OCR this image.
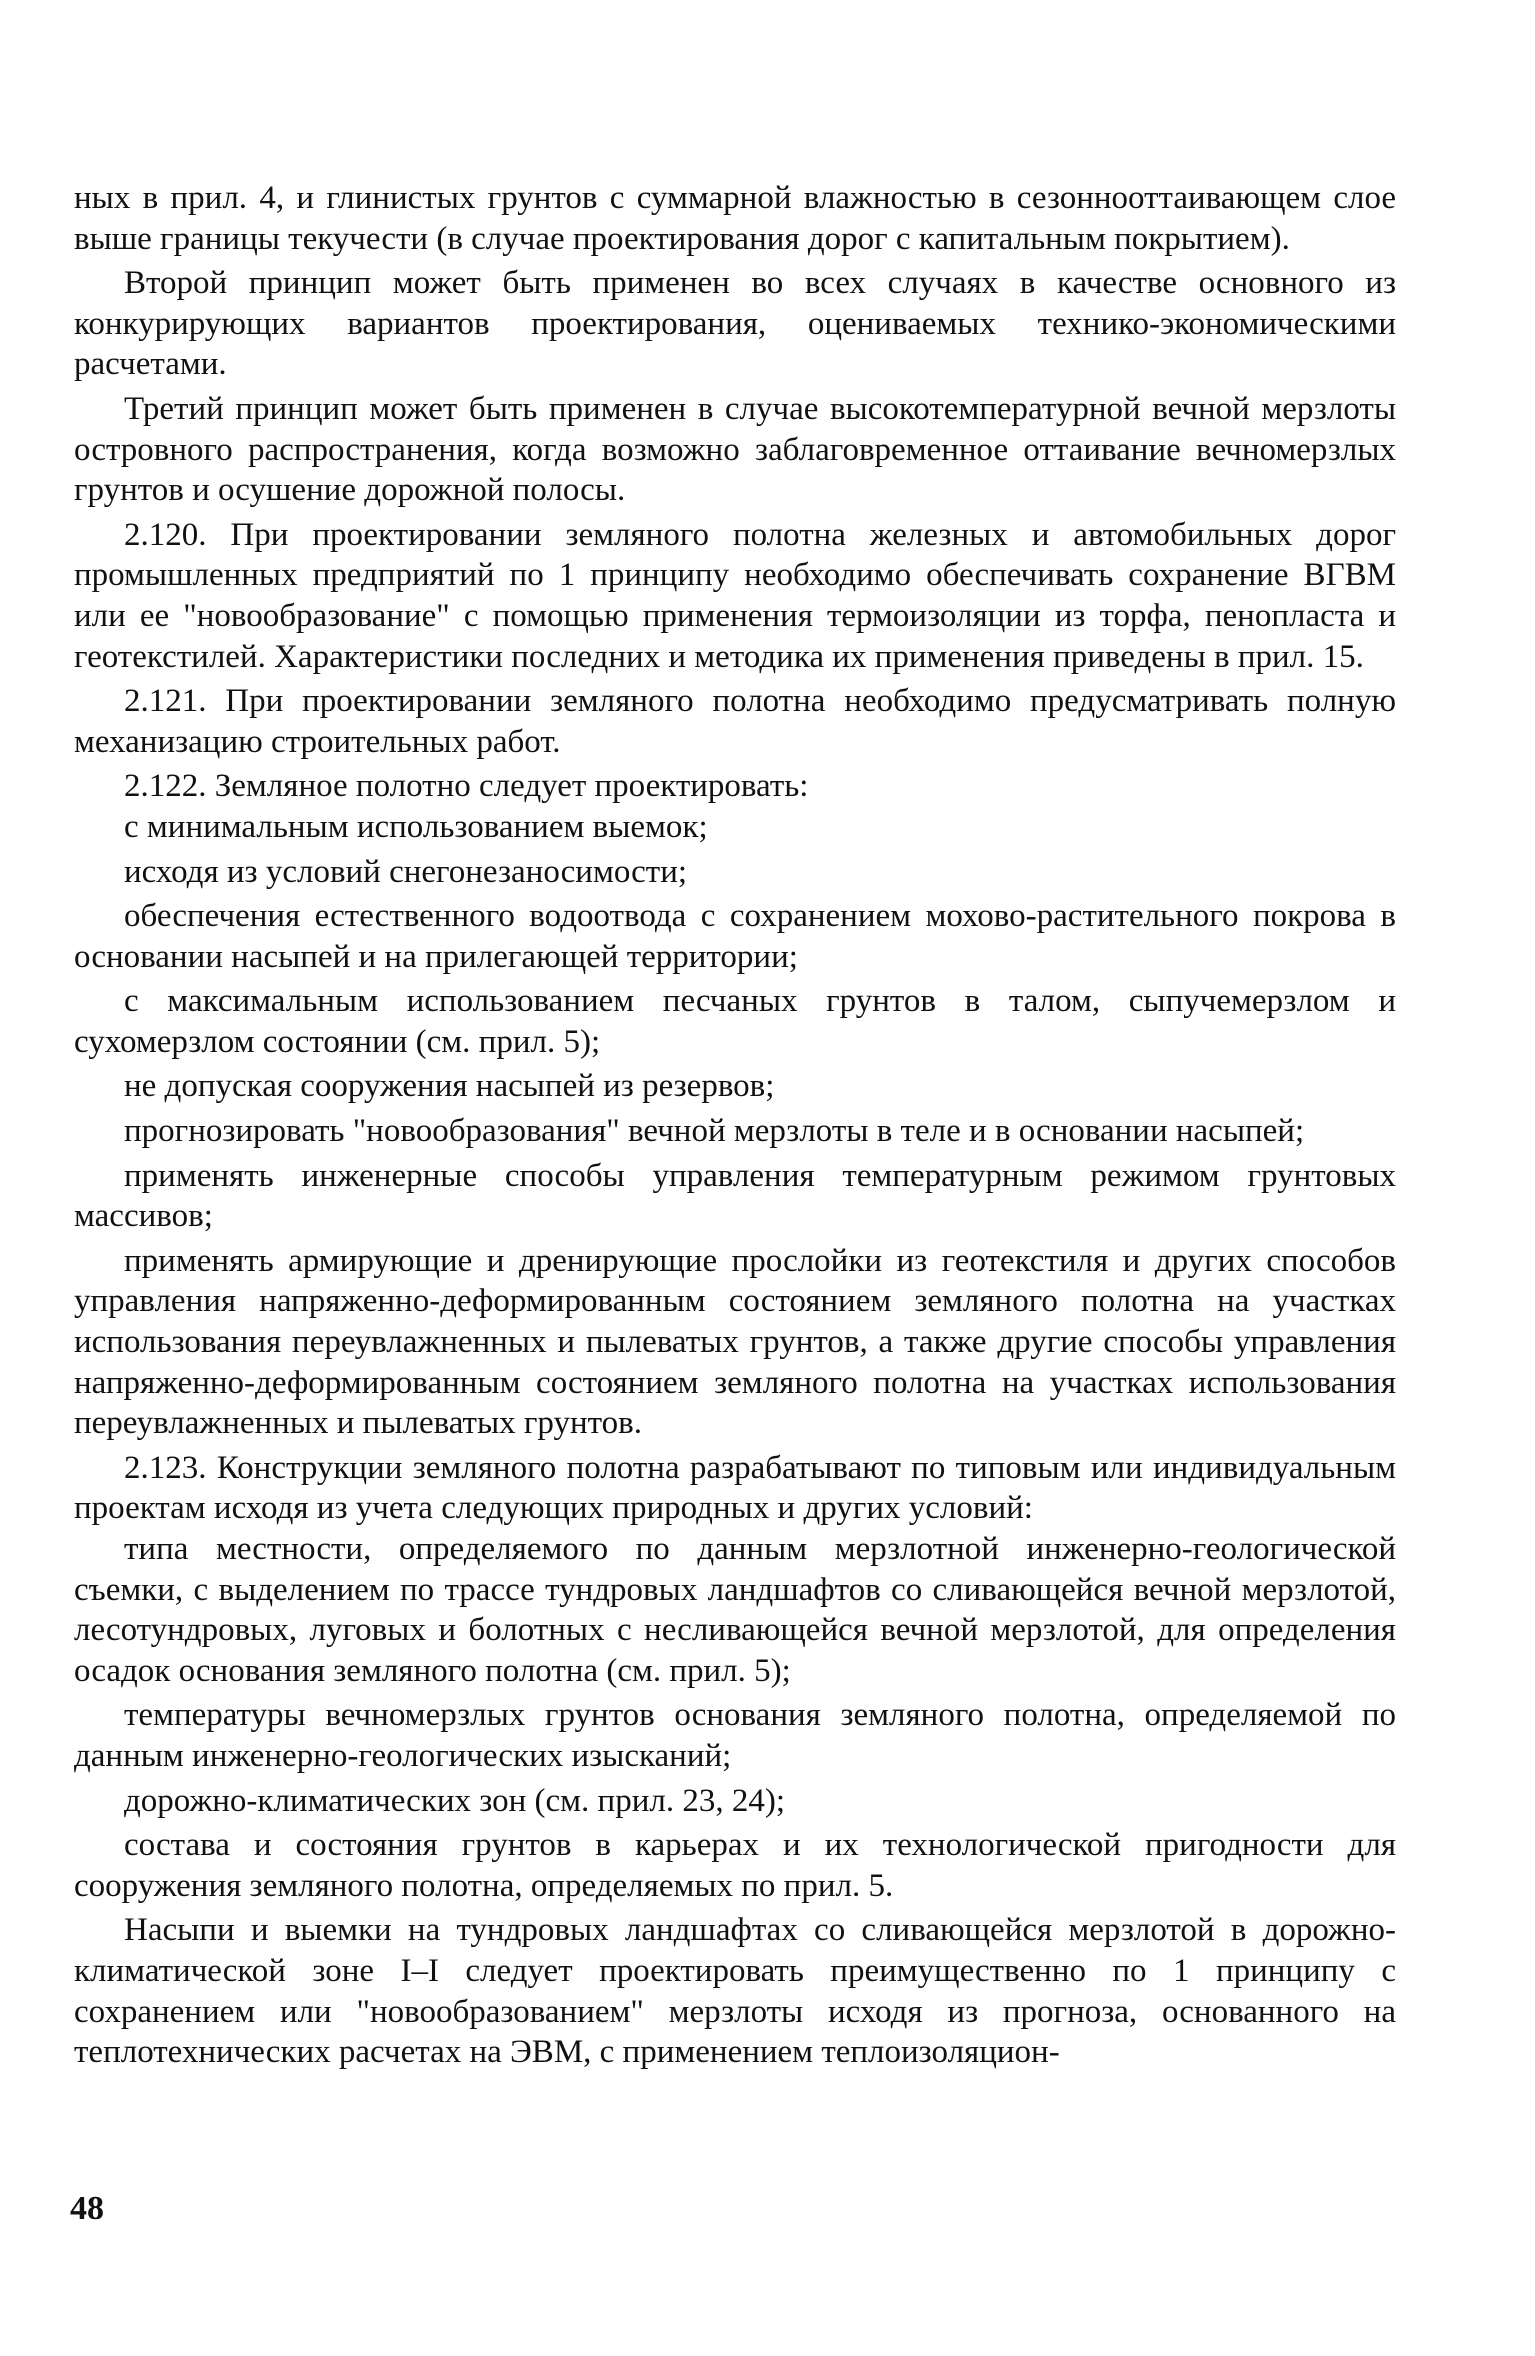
ных в прил. 4, и глинистых грунтов с суммарной влажностью в сезоннооттаивающем слое выше границы текучести (в случае проектирования дорог с капитальным покрытием).

Второй принцип может быть применен во всех случаях в качестве основного из конкурирующих вариантов проектирования, оцениваемых технико-экономическими расчетами.

Третий принцип может быть применен в случае высокотемпературной вечной мерзлоты островного распространения, когда возможно заблаговременное оттаивание вечномерзлых грунтов и осушение дорожной полосы.

2.120. При проектировании земляного полотна железных и автомобильных дорог промышленных предприятий по 1 принципу необходимо обеспечивать сохранение ВГВМ или ее "новообразование" с помощью применения термоизоляции из торфа, пенопласта и геотекстилей. Характеристики последних и методика их применения приведены в прил. 15.

2.121. При проектировании земляного полотна необходимо предусматривать полную механизацию строительных работ.

2.122. Земляное полотно следует проектировать:

с минимальным использованием выемок;

исходя из условий снегонезаносимости;

обеспечения естественного водоотвода с сохранением мохово-растительного покрова в основании насыпей и на прилегающей территории;

с максимальным использованием песчаных грунтов в талом, сыпучемерзлом и сухомерзлом состоянии (см. прил. 5);

не допуская сооружения насыпей из резервов;

прогнозировать "новообразования" вечной мерзлоты в теле и в основании насыпей;

применять инженерные способы управления температурным режимом грунтовых массивов;

применять армирующие и дренирующие прослойки из геотекстиля и других способов управления напряженно-деформированным состоянием земляного полотна на участках использования переувлажненных и пылеватых грунтов, а также другие способы управления напряженно-деформированным состоянием земляного полотна на участках использования переувлажненных и пылеватых грунтов.

2.123. Конструкции земляного полотна разрабатывают по типовым или индивидуальным проектам исходя из учета следующих природных и других условий:

типа местности, определяемого по данным мерзлотной инженерно-геологической съемки, с выделением по трассе тундровых ландшафтов со сливающейся вечной мерзлотой, лесотундровых, луговых и болотных с несливающейся вечной мерзлотой, для определения осадок основания земляного полотна (см. прил. 5);

температуры вечномерзлых грунтов основания земляного полотна, определяемой по данным инженерно-геологических изысканий;

дорожно-климатических зон (см. прил. 23, 24);

состава и состояния грунтов в карьерах и их технологической пригодности для сооружения земляного полотна, определяемых по прил. 5.

Насыпи и выемки на тундровых ландшафтах со сливающейся мерзлотой в дорожно-климатической зоне I–I следует проектировать преимущественно по 1 принципу с сохранением или "новообразованием" мерзлоты исходя из прогноза, основанного на теплотехнических расчетах на ЭВМ, с применением теплоизоляцион-

48
